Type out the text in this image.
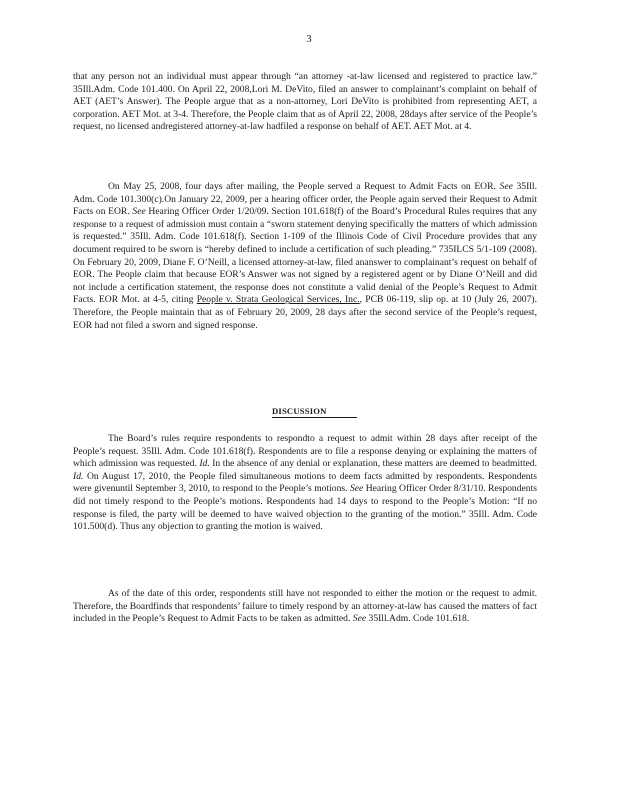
3

that any person not an individual must appear through “an attorney -at-law licensed and registered to practice law.” 35Ill.Adm. Code 101.400. On April 22, 2008,Lori M. DeVito, filed an answer to complainant’s complaint on behalf of AET (AET’s Answer). The People argue that as a non-attorney, Lori DeVito is prohibited from representing AET, a corporation. AET Mot. at 3-4. Therefore, the People claim that as of April 22, 2008, 28days after service of the People’s request, no licensed andregistered attorney-at-law hadfiled a response on behalf of AET. AET Mot. at 4.

On May 25, 2008, four days after mailing, the People served a Request to Admit Facts on EOR. See 35Ill. Adm. Code 101.300(c).On January 22, 2009, per a hearing officer order, the People again served their Request to Admit Facts on EOR. See Hearing Officer Order 1/20/09. Section 101.618(f) of the Board’s Procedural Rules requires that any response to a request of admission must contain a “sworn statement denying specifically the matters of which admission is requested.” 35Ill. Adm. Code 101.618(f). Section 1-109 of the Illinois Code of Civil Procedure provides that any document required to be sworn is “hereby defined to include a certification of such pleading.” 735ILCS 5/1-109 (2008). On February 20, 2009, Diane F. O’Neill, a licensed attorney-at-law, filed ananswer to complainant’s request on behalf of EOR. The People claim that because EOR’s Answer was not signed by a registered agent or by Diane O’Neill and did not include a certification statement, the response does not constitute a valid denial of the People’s Request to Admit Facts. EOR Mot. at 4-5, citing People v. Strata Geological Services, Inc., PCB 06-119, slip op. at 10 (July 26, 2007). Therefore, the People maintain that as of February 20, 2009, 28 days after the second service of the People’s request, EOR had not filed a sworn and signed response.

DISCUSSION

The Board’s rules require respondents to respondto a request to admit within 28 days after receipt of the People’s request. 35Ill. Adm. Code 101.618(f). Respondents are to file a response denying or explaining the matters of which admission was requested. Id. In the absence of any denial or explanation, these matters are deemed to beadmitted. Id. On August 17, 2010, the People filed simultaneous motions to deem facts admitted by respondents. Respondents were givenuntil September 3, 2010, to respond to the People’s motions. See Hearing Officer Order 8/31/10. Respondents did not timely respond to the People’s motions. Respondents had 14 days to respond to the People’s Motion: “If no response is filed, the party will be deemed to have waived objection to the granting of the motion.” 35Ill. Adm. Code 101.500(d). Thus any objection to granting the motion is waived.

As of the date of this order, respondents still have not responded to either the motion or the request to admit. Therefore, the Boardfinds that respondents’ failure to timely respond by an attorney-at-law has caused the matters of fact included in the People’s Request to Admit Facts to be taken as admitted. See 35Ill.Adm. Code 101.618.
